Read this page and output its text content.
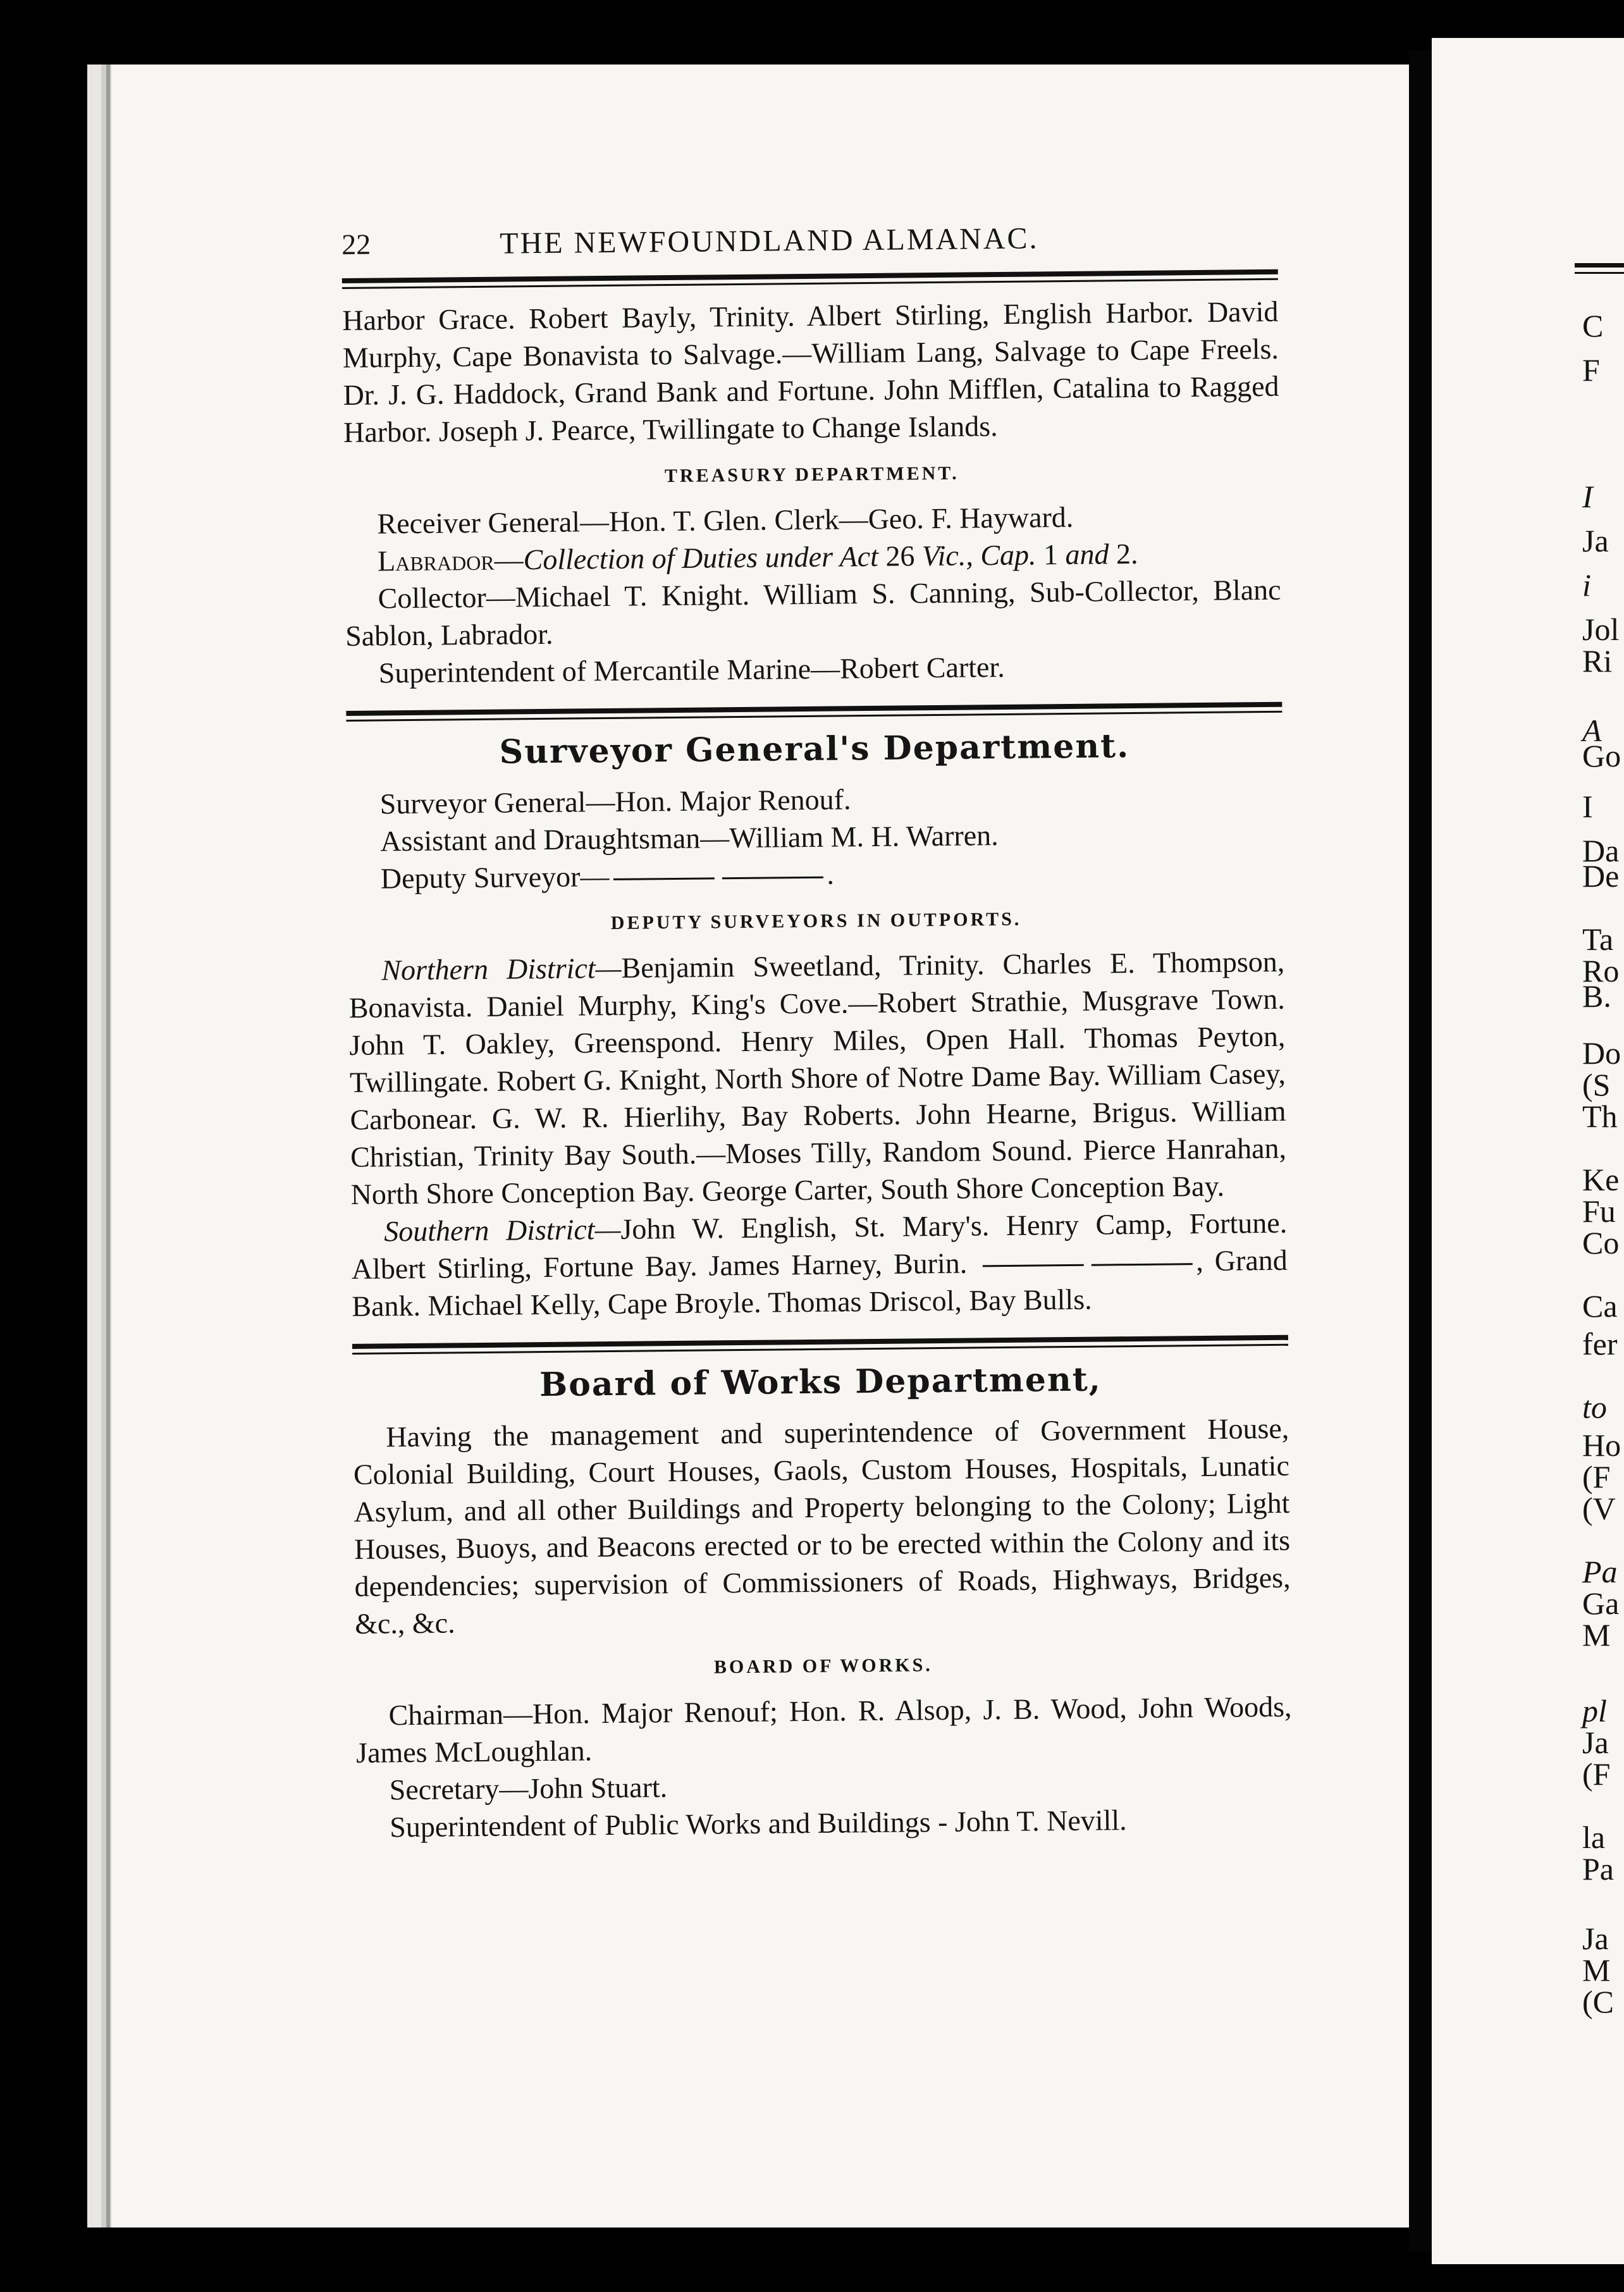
C
F
I
Ja
i
Jol
Ri
A
Go
I
Da
De
Ta
Ro
B.
Do
(S
Th
Ke
Fu
Co
Ca
fer
to
Ho
(F
(V
Pa
Ga
M
pl
Ja
(F
la
Pa
Ja
M
(C
22	THE NEWFOUNDLAND ALMANAC.

Harbor Grace. Robert Bayly, Trinity. Albert Stirling, English Harbor. David Murphy, Cape Bonavista to Salvage.—William Lang, Salvage to Cape Freels. Dr. J. G. Haddock, Grand Bank and Fortune. John Mifflen, Catalina to Ragged Harbor. Joseph J. Pearce, Twillingate to Change Islands.

TREASURY DEPARTMENT.

Receiver General—Hon. T. Glen. Clerk—Geo. F. Hayward.

Labrador—Collection of Duties under Act 26 Vic., Cap. 1 and 2.

Collector—Michael T. Knight. William S. Canning, Sub-Collector, Blanc Sablon, Labrador.

Superintendent of Mercantile Marine—Robert Carter.

Surveyor General's Department.

Surveyor General—Hon. Major Renouf.

Assistant and Draughtsman—William M. H. Warren.

Deputy Surveyor—	.

DEPUTY SURVEYORS IN OUTPORTS.

Northern District—Benjamin Sweetland, Trinity. Charles E. Thompson, Bonavista. Daniel Murphy, King's Cove.—Robert Strathie, Musgrave Town. John T. Oakley, Greenspond. Henry Miles, Open Hall. Thomas Peyton, Twillingate. Robert G. Knight, North Shore of Notre Dame Bay. William Casey, Carbonear. G. W. R. Hierlihy, Bay Roberts. John Hearne, Brigus. William Christian, Trinity Bay South.—Moses Tilly, Random Sound. Pierce Hanrahan, North Shore Conception Bay. George Carter, South Shore Conception Bay.

Southern District—John W. English, St. Mary's. Henry Camp, Fortune. Albert Stirling, Fortune Bay. James Harney, Burin.	, Grand Bank. Michael Kelly, Cape Broyle. Thomas Driscol, Bay Bulls.

Board of Works Department,

Having the management and superintendence of Government House, Colonial Building, Court Houses, Gaols, Custom Houses, Hospitals, Lunatic Asylum, and all other Buildings and Property belonging to the Colony; Light Houses, Buoys, and Beacons erected or to be erected within the Colony and its dependencies; supervision of Commissioners of Roads, Highways, Bridges, &c., &c.

BOARD OF WORKS.

Chairman—Hon. Major Renouf; Hon. R. Alsop, J. B. Wood, John Woods, James McLoughlan.

Secretary—John Stuart.

Superintendent of Public Works and Buildings - John T. Nevill.
